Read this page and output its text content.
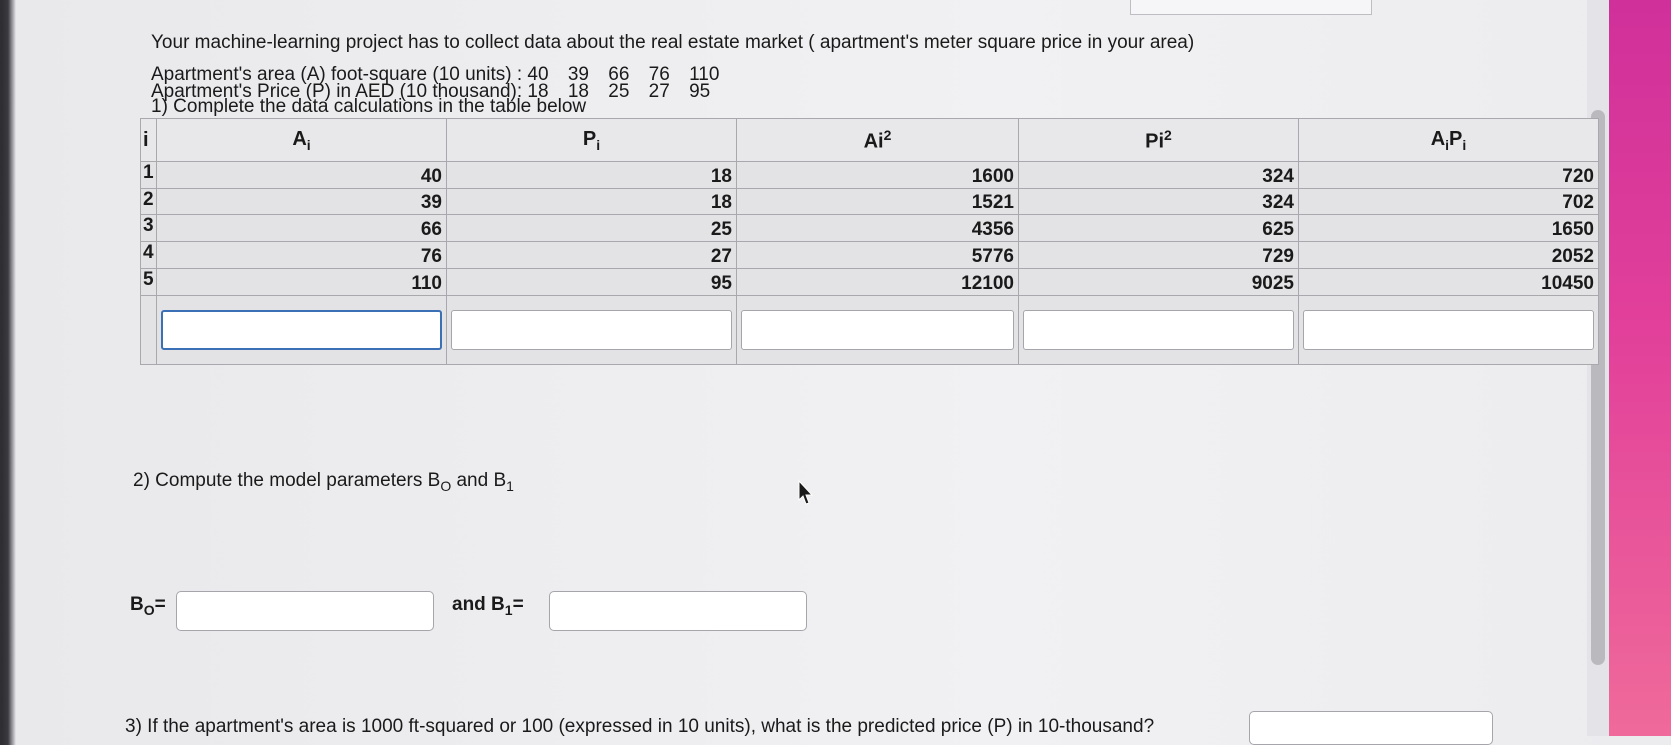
Your machine-learning project has to collect data about the real estate market ( apartment's meter square price in your area)
Apartment's area (A) foot-square (10 units) : 40 39 66 76 110
Apartment's Price (P) in AED (10 thousand): 18 18 25 27 95
1) Complete the data calculations in the table below
i	$A_i$	$P_i$	Ai$^2$	Pi$^2$	$A_iP_i$
1	40	18	1600	324	720
2	39	18	1521	324	702
3	66	25	4356	625	1650
4	76	27	5776	729	2052
5	110	95	12100	9025	10450

2) Compute the model parameters $B_O$ and $B_1$
$B_O=$	and $B_1=$
3) If the apartment's area is 1000 ft-squared or 100 (expressed in 10 units), what is the predicted price (P) in 10-thousand?
